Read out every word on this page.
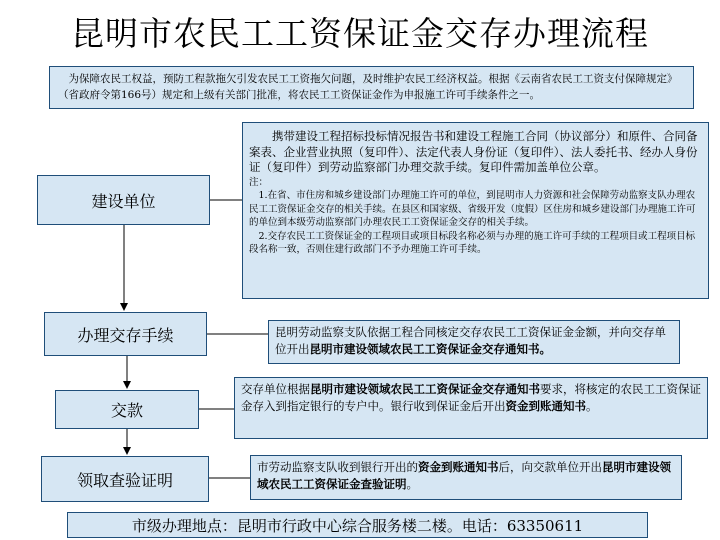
昆明市农民工工资保证金交存办理流程
　为保障农民工权益，预防工程款拖欠引发农民工工资拖欠问题，及时维护农民工经济权益。根据《云南省农民工工资支付保障规定》（省政府令第166号）规定和上级有关部门批准，将农民工工资保证金作为申报施工许可手续条件之一。
建设单位
办理交存手续
交款
领取查验证明

携带建设工程招标投标情况报告书和建设工程施工合同（协议部分）和原件、合同备案表、企业营业执照（复印件）、法定代表人身份证（复印件）、法人委托书、经办人身份证（复印件）到劳动监察部门办理交款手续。复印件需加盖单位公章。

注：

1.在省、市住房和城乡建设部门办理施工许可的单位，到昆明市人力资源和社会保障劳动监察支队办理农民工工资保证金交存的相关手续。在县区和国家级、省级开发（度假）区住房和城乡建设部门办理施工许可的单位到本级劳动监察部门办理农民工工资保证金交存的相关手续。

2.交存农民工工资保证金的工程项目或项目标段名称必须与办理的施工许可手续的工程项目或工程项目标段名称一致，否则住建行政部门不予办理施工许可手续。

昆明劳动监察支队依据工程合同核定交存农民工工资保证金金额，并向交存单位开出昆明市建设领域农民工工资保证金交存通知书。
交存单位根据昆明市建设领域农民工工资保证金交存通知书要求，将核定的农民工工资保证金存入到指定银行的专户中。银行收到保证金后开出资金到账通知书。
市劳动监察支队收到银行开出的资金到账通知书后，向交款单位开出昆明市建设领域农民工工资保证金查验证明。
市级办理地点：昆明市行政中心综合服务楼二楼。电话：63350611
